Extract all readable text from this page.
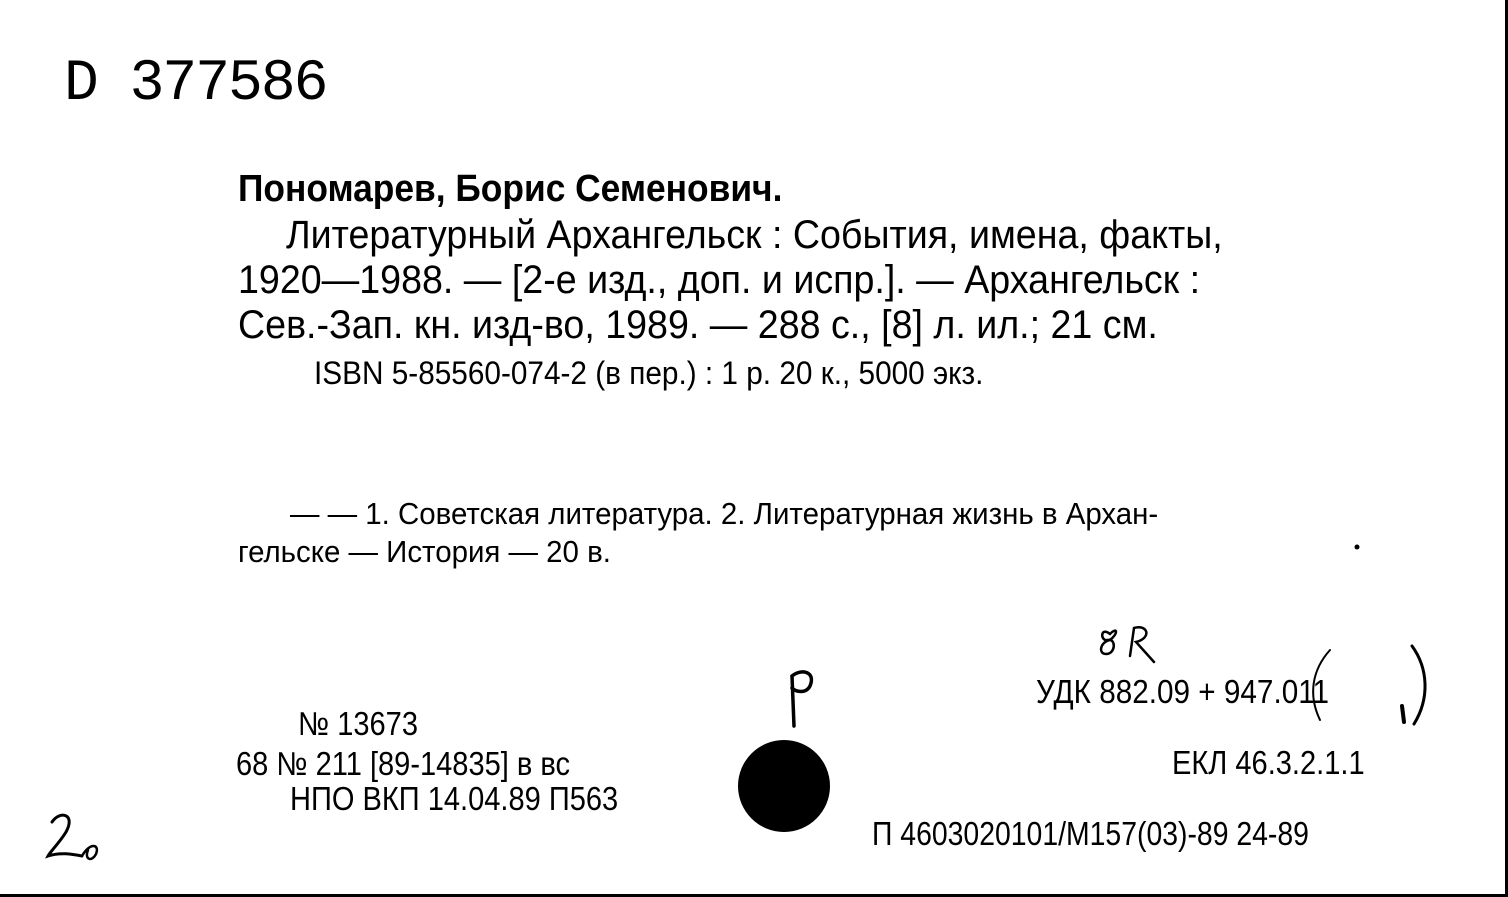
D 377586
Пономарев, Борис Семенович.
Литературный Архангельск : События, имена, факты,
1920—1988. — [2-е изд., доп. и испр.]. — Архангельск :
Сев.-Зап. кн. изд-во, 1989. — 288 с., [8] л. ил.; 21 см.
ISBN 5-85560-074-2 (в пер.) : 1 р. 20 к., 5000 экз.
— — 1. Советская литература. 2. Литературная жизнь в Архан-
гельске — История — 20 в.
№ 13673
68 № 211 [89-14835] в вс
НПО ВКП 14.04.89 П563
УДК 882.09 + 947.011
ЕКЛ 46.3.2.1.1
П 4603020101/М157(03)-89 24-89
